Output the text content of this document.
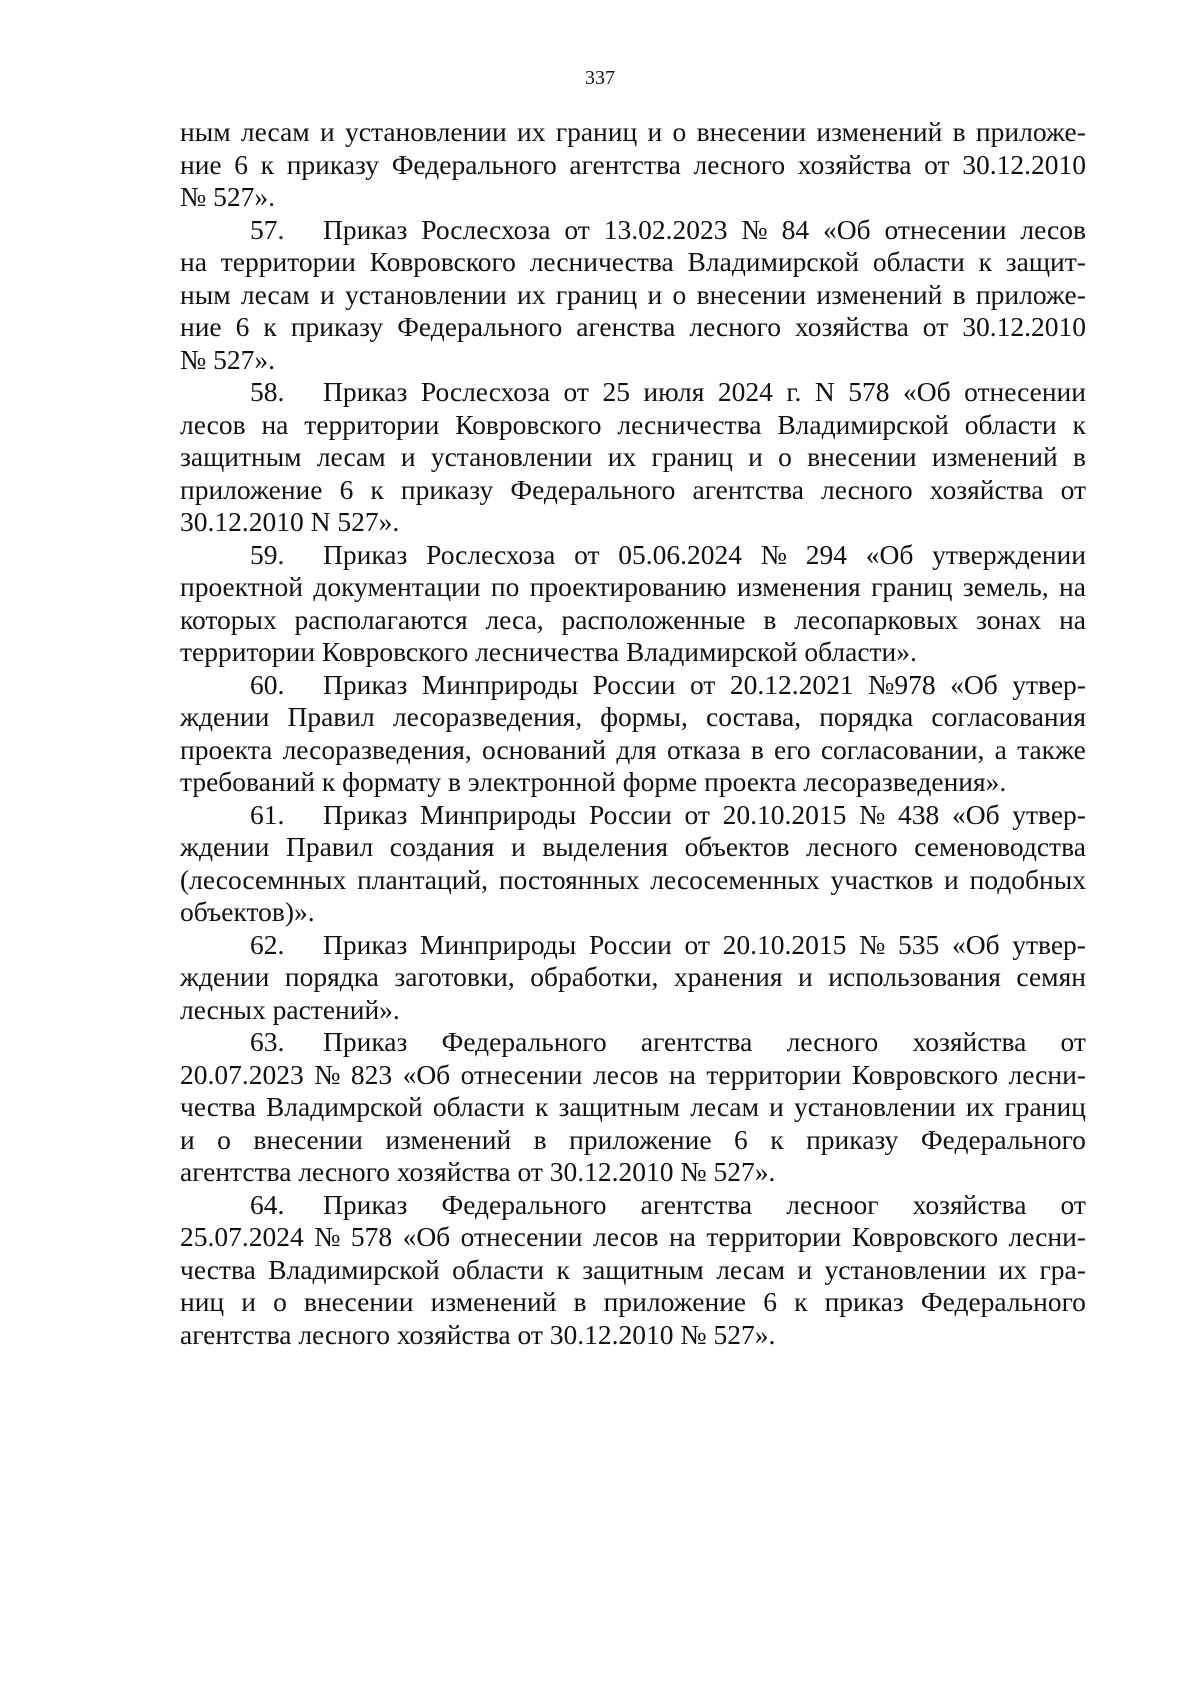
337
ным лесам и установлении их границ и о внесении изменений в приложе-
ние 6 к приказу Федерального агентства лесного хозяйства от 30.12.2010
№ 527».
57.	Приказ Рослесхоза от 13.02.2023 № 84 «Об отнесении лесов
на территории Ковровского лесничества Владимирской области к защит-
ным лесам и установлении их границ и о внесении изменений в приложе-
ние 6 к приказу Федерального агенства лесного хозяйства от 30.12.2010
№ 527».
58.	Приказ Рослесхоза от 25 июля 2024 г. N 578 «Об отнесении
лесов на территории Ковровского лесничества Владимирской области к
защитным лесам и установлении их границ и о внесении изменений в
приложение 6 к приказу Федерального агентства лесного хозяйства от
30.12.2010 N 527».
59.	Приказ Рослесхоза от 05.06.2024 № 294 «Об утверждении
проектной документации по проектированию изменения границ земель, на
которых располагаются леса, расположенные в лесопарковых зонах на
территории Ковровского лесничества Владимирской области».
60.	Приказ Минприроды России от 20.12.2021 №978 «Об утвер-
ждении Правил лесоразведения, формы, состава, порядка согласования
проекта лесоразведения, оснований для отказа в его согласовании, а также
требований к формату в электронной форме проекта лесоразведения».
61.	Приказ Минприроды России от 20.10.2015 № 438 «Об утвер-
ждении Правил создания и выделения объектов лесного семеноводства
(лесосемнных плантаций, постоянных лесосеменных участков и подобных
объектов)».
62.	Приказ Минприроды России от 20.10.2015 № 535 «Об утвер-
ждении порядка заготовки, обработки, хранения и использования семян
лесных растений».
63.	Приказ Федерального агентства лесного хозяйства от
20.07.2023 № 823 «Об отнесении лесов на территории Ковровского лесни-
чества Владимрской области к защитным лесам и установлении их границ
и о внесении изменений в приложение 6 к приказу Федерального
агентства лесного хозяйства от 30.12.2010 № 527».
64.	Приказ Федерального агентства лесноог хозяйства от
25.07.2024 № 578 «Об отнесении лесов на территории Ковровского лесни-
чества Владимирской области к защитным лесам и установлении их гра-
ниц и о внесении изменений в приложение 6 к приказ Федерального
агентства лесного хозяйства от 30.12.2010 № 527».
